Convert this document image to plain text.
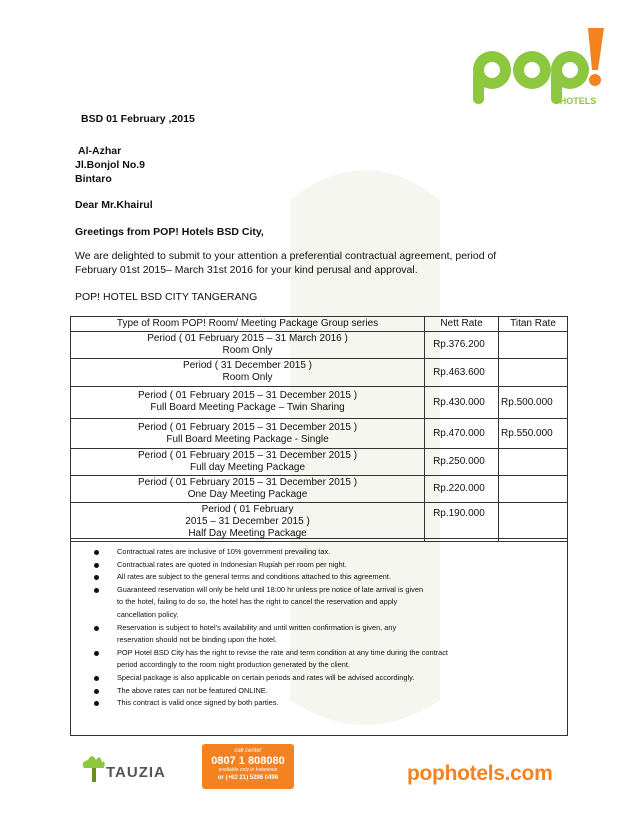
HOTELS
BSD 01 February ,2015
Al-Azhar
Jl.Bonjol No.9
Bintaro
Dear Mr.Khairul
Greetings from POP! Hotels BSD City,
We are delighted to submit to your attention a preferential contractual agreement, period of
February 01st 2015– March 31st 2016 for your kind perusal and approval.
POP! HOTEL BSD CITY TANGERANG
Type of Room POP! Room/ Meeting Package Group series	Nett Rate	Titan Rate

Period ( 01 February 2015 – 31 March 2016 )
Room Only	Rp.376.200	

Period ( 31 December 2015 )
Room Only	Rp.463.600	

Period ( 01 February 2015 – 31 December 2015 )
Full Board Meeting Package – Twin Sharing	Rp.430.000	Rp.500.000

Period ( 01 February 2015 – 31 December 2015 )
Full Board Meeting Package - Single	Rp.470.000	Rp.550.000

Period ( 01 February 2015 – 31 December 2015 )
Full day Meeting Package	Rp.250.000	

Period ( 01 February 2015 – 31 December 2015 )
One Day Meeting Package	Rp.220.000	

Period ( 01 February
2015 – 31 December 2015 )
Half Day Meeting Package	Rp.190.000	
Contractual rates are inclusive of 10% government prevailing tax.
Contractual rates are quoted in Indonesian Rupiah per room per night.
All rates are subject to the general terms and conditions attached to this agreement.
Guaranteed reservation will only be held until 18:00 hr unless pre notice of late arrival is given
to the hotel, failing to do so, the hotel has the right to cancel the reservation and apply
cancellation policy.
Reservation is subject to hotel’s availability and until written confirmation is given, any
reservation should not be binding upon the hotel.
POP Hotel BSD City has the right to revise the rate and term condition at any time during the contract
period accordingly to the room night production generated by the client.
Special package is also applicable on certain periods and rates will be advised accordingly.
The above rates can not be featured ONLINE.
This contract is valid once signed by both parties.
TAUZIA
call center
0807 1 808080
available only in Indonesia
or (+62 21) 5296 0496	pophotels.com
